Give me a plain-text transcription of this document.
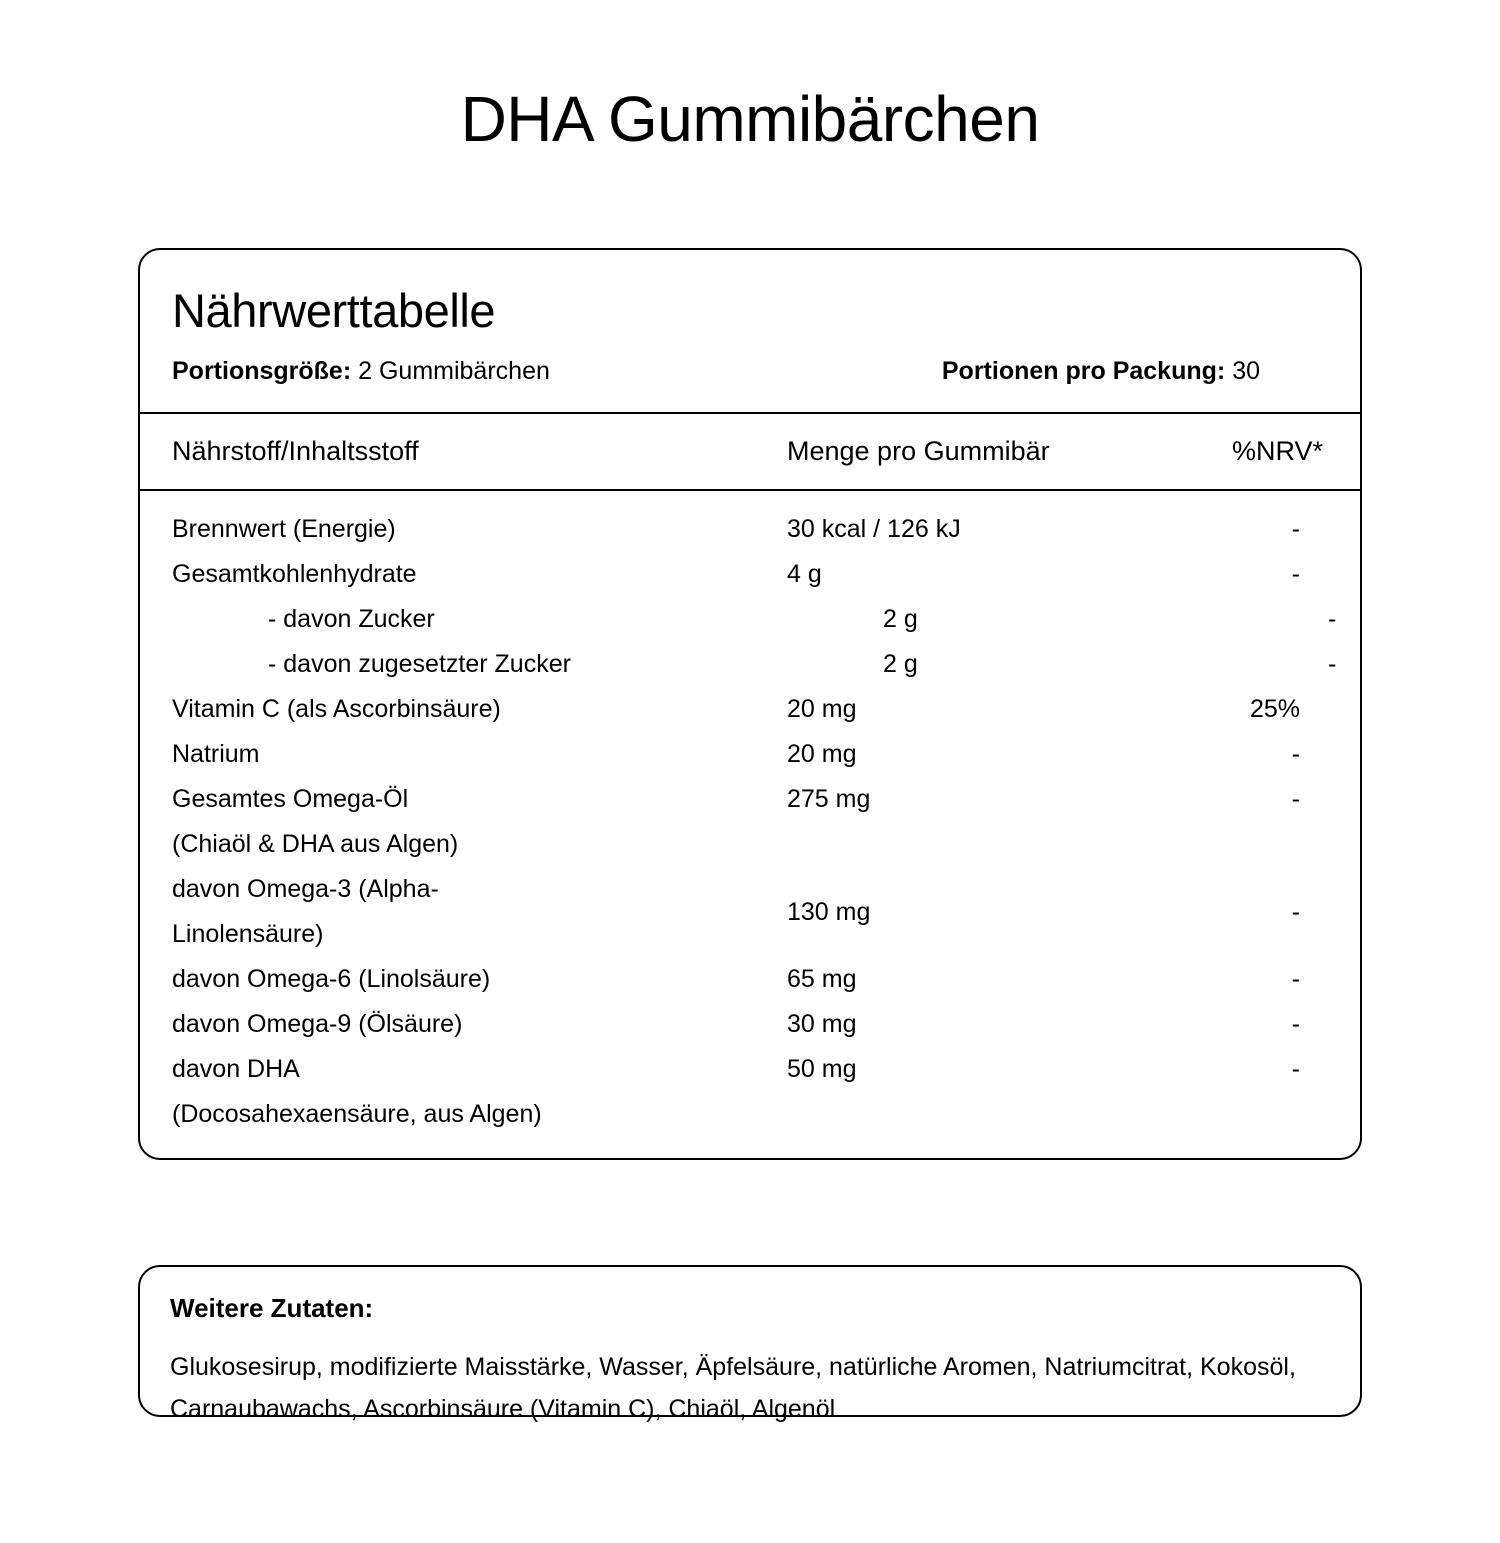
DHA Gummibärchen
Nährwerttabelle
Portionsgröße: 2 Gummibärchen	Portionen pro Packung: 30
Nährstoff/Inhaltsstoff	Menge pro Gummibär	%NRV*
Brennwert (Energie)	30 kcal / 126 kJ	-
Gesamtkohlenhydrate	4 g	-
- davon Zucker	2 g	-
- davon zugesetzter Zucker	2 g	-
Vitamin C (als Ascorbinsäure)	20 mg	25%
Natrium	20 mg	-
Gesamtes Omega-Öl
(Chiaöl & DHA aus Algen)
275 mg	-
davon Omega-3 (Alpha-
Linolensäure)
130 mg	-
davon Omega-6 (Linolsäure)	65 mg	-
davon Omega-9 (Ölsäure)	30 mg	-
davon DHA
(Docosahexaensäure, aus Algen)
50 mg	-
Weitere Zutaten:
Glukosesirup, modifizierte Maisstärke, Wasser, Äpfelsäure, natürliche Aromen, Natriumcitrat, Kokosöl, Carnaubawachs, Ascorbinsäure (Vitamin C), Chiaöl, Algenöl
